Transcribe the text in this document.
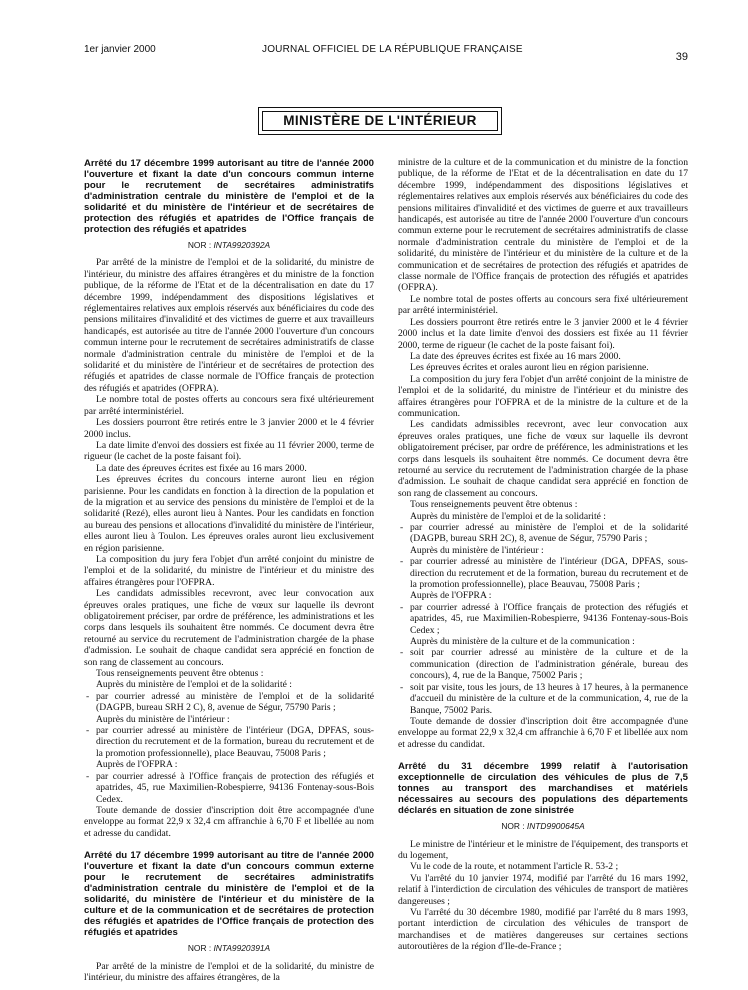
1er janvier 2000	JOURNAL OFFICIEL DE LA RÉPUBLIQUE FRANÇAISE
39
MINISTÈRE DE L'INTÉRIEUR

Arrêté du 17 décembre 1999 autorisant au titre de l'année 2000 l'ouverture et fixant la date d'un concours commun interne pour le recrutement de secrétaires administratifs d'administration centrale du ministère de l'emploi et de la solidarité et du ministère de l'intérieur et de secrétaires de protection des réfugiés et apatrides de l'Office français de protection des réfugiés et apatrides

NOR : INTA9920392A

Par arrêté de la ministre de l'emploi et de la solidarité, du ministre de l'intérieur, du ministre des affaires étrangères et du ministre de la fonction publique, de la réforme de l'Etat et de la décentralisation en date du 17 décembre 1999, indépendamment des dispositions législatives et réglementaires relatives aux emplois réservés aux bénéficiaires du code des pensions militaires d'invalidité et des victimes de guerre et aux travailleurs handicapés, est autorisée au titre de l'année 2000 l'ouverture d'un concours commun interne pour le recrutement de secrétaires administratifs de classe normale d'administration centrale du ministère de l'emploi et de la solidarité et du ministère de l'intérieur et de secrétaires de protection des réfugiés et apatrides de classe normale de l'Office français de protection des réfugiés et apatrides (OFPRA).

Le nombre total de postes offerts au concours sera fixé ultérieurement par arrêté interministériel.

Les dossiers pourront être retirés entre le 3 janvier 2000 et le 4 février 2000 inclus.

La date limite d'envoi des dossiers est fixée au 11 février 2000, terme de rigueur (le cachet de la poste faisant foi).

La date des épreuves écrites est fixée au 16 mars 2000.

Les épreuves écrites du concours interne auront lieu en région parisienne. Pour les candidats en fonction à la direction de la population et de la migration et au service des pensions du ministère de l'emploi et de la solidarité (Rezé), elles auront lieu à Nantes. Pour les candidats en fonction au bureau des pensions et allocations d'invalidité du ministère de l'intérieur, elles auront lieu à Toulon. Les épreuves orales auront lieu exclusivement en région parisienne.

La composition du jury fera l'objet d'un arrêté conjoint du ministre de l'emploi et de la solidarité, du ministre de l'intérieur et du ministre des affaires étrangères pour l'OFPRA.

Les candidats admissibles recevront, avec leur convocation aux épreuves orales pratiques, une fiche de vœux sur laquelle ils devront obligatoirement préciser, par ordre de préférence, les administrations et les corps dans lesquels ils souhaitent être nommés. Ce document devra être retourné au service du recrutement de l'administration chargée de la phase d'admission. Le souhait de chaque candidat sera apprécié en fonction de son rang de classement au concours.

Tous renseignements peuvent être obtenus :

Auprès du ministère de l'emploi et de la solidarité :

- par courrier adressé au ministère de l'emploi et de la solidarité (DAGPB, bureau SRH 2 C), 8, avenue de Ségur, 75790 Paris ;

Auprès du ministère de l'intérieur :

- par courrier adressé au ministère de l'intérieur (DGA, DPFAS, sous-direction du recrutement et de la formation, bureau du recrutement et de la promotion professionnelle), place Beauvau, 75008 Paris ;

Auprès de l'OFPRA :

- par courrier adressé à l'Office français de protection des réfugiés et apatrides, 45, rue Maximilien-Robespierre, 94136 Fontenay-sous-Bois Cedex.

Toute demande de dossier d'inscription doit être accompagnée d'une enveloppe au format 22,9 x 32,4 cm affranchie à 6,70 F et libellée au nom et adresse du candidat.

Arrêté du 17 décembre 1999 autorisant au titre de l'année 2000 l'ouverture et fixant la date d'un concours commun externe pour le recrutement de secrétaires administratifs d'administration centrale du ministère de l'emploi et de la solidarité, du ministère de l'intérieur et du ministère de la culture et de la communication et de secrétaires de protection des réfugiés et apatrides de l'Office français de protection des réfugiés et apatrides

NOR : INTA9920391A

Par arrêté de la ministre de l'emploi et de la solidarité, du ministre de l'intérieur, du ministre des affaires étrangères, de la

ministre de la culture et de la communication et du ministre de la fonction publique, de la réforme de l'Etat et de la décentralisation en date du 17 décembre 1999, indépendamment des dispositions législatives et réglementaires relatives aux emplois réservés aux bénéficiaires du code des pensions militaires d'invalidité et des victimes de guerre et aux travailleurs handicapés, est autorisée au titre de l'année 2000 l'ouverture d'un concours commun externe pour le recrutement de secrétaires administratifs de classe normale d'administration centrale du ministère de l'emploi et de la solidarité, du ministère de l'intérieur et du ministère de la culture et de la communication et de secrétaires de protection des réfugiés et apatrides de classe normale de l'Office français de protection des réfugiés et apatrides (OFPRA).

Le nombre total de postes offerts au concours sera fixé ultérieurement par arrêté interministériel.

Les dossiers pourront être retirés entre le 3 janvier 2000 et le 4 février 2000 inclus et la date limite d'envoi des dossiers est fixée au 11 février 2000, terme de rigueur (le cachet de la poste faisant foi).

La date des épreuves écrites est fixée au 16 mars 2000.

Les épreuves écrites et orales auront lieu en région parisienne.

La composition du jury fera l'objet d'un arrêté conjoint de la ministre de l'emploi et de la solidarité, du ministre de l'intérieur et du ministre des affaires étrangères pour l'OFPRA et de la ministre de la culture et de la communication.

Les candidats admissibles recevront, avec leur convocation aux épreuves orales pratiques, une fiche de vœux sur laquelle ils devront obligatoirement préciser, par ordre de préférence, les administrations et les corps dans lesquels ils souhaitent être nommés. Ce document devra être retourné au service du recrutement de l'administration chargée de la phase d'admission. Le souhait de chaque candidat sera apprécié en fonction de son rang de classement au concours.

Tous renseignements peuvent être obtenus :

Auprès du ministère de l'emploi et de la solidarité :

- par courrier adressé au ministère de l'emploi et de la solidarité (DAGPB, bureau SRH 2C), 8, avenue de Ségur, 75790 Paris ;

Auprès du ministère de l'intérieur :

- par courrier adressé au ministère de l'intérieur (DGA, DPFAS, sous-direction du recrutement et de la formation, bureau du recrutement et de la promotion professionnelle), place Beauvau, 75008 Paris ;

Auprès de l'OFPRA :

- par courrier adressé à l'Office français de protection des réfugiés et apatrides, 45, rue Maximilien-Robespierre, 94136 Fontenay-sous-Bois Cedex ;

Auprès du ministère de la culture et de la communication :

- soit par courrier adressé au ministère de la culture et de la communication (direction de l'administration générale, bureau des concours), 4, rue de la Banque, 75002 Paris ;

- soit par visite, tous les jours, de 13 heures à 17 heures, à la permanence d'accueil du ministère de la culture et de la communication, 4, rue de la Banque, 75002 Paris.

Toute demande de dossier d'inscription doit être accompagnée d'une enveloppe au format 22,9 x 32,4 cm affranchie à 6,70 F et libellée aux nom et adresse du candidat.

Arrêté du 31 décembre 1999 relatif à l'autorisation exceptionnelle de circulation des véhicules de plus de 7,5 tonnes au transport des marchandises et matériels nécessaires au secours des populations des départements déclarés en situation de zone sinistrée

NOR : INTD9900645A

Le ministre de l'intérieur et le ministre de l'équipement, des transports et du logement,

Vu le code de la route, et notamment l'article R. 53-2 ;

Vu l'arrêté du 10 janvier 1974, modifié par l'arrêté du 16 mars 1992, relatif à l'interdiction de circulation des véhicules de transport de matières dangereuses ;

Vu l'arrêté du 30 décembre 1980, modifié par l'arrêté du 8 mars 1993, portant interdiction de circulation des véhicules de transport de marchandises et de matières dangereuses sur certaines sections autoroutières de la région d'Ile-de-France ;
